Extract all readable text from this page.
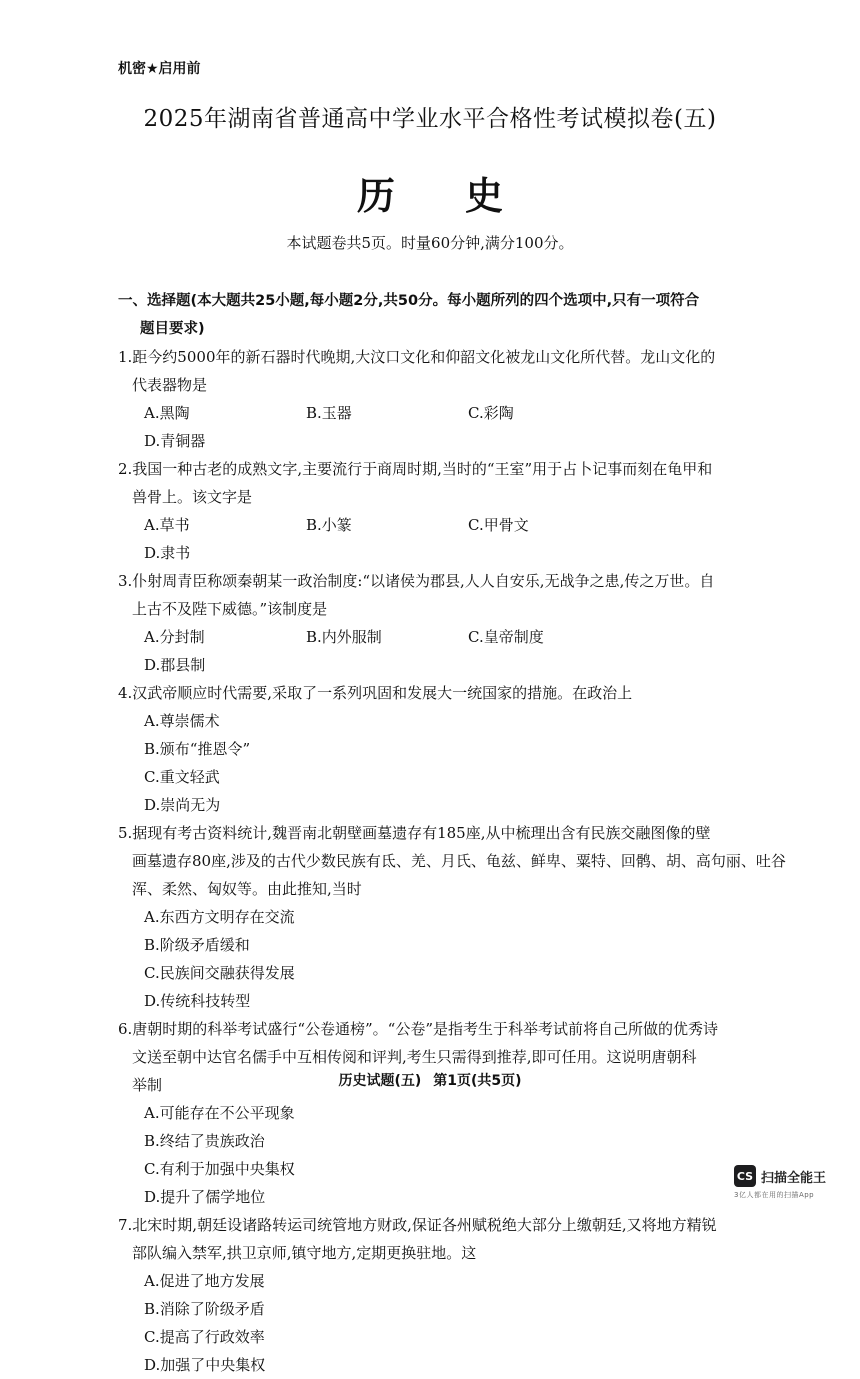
机密★启用前
2025年湖南省普通高中学业水平合格性考试模拟卷(五)
历 史
本试题卷共5页。时量60分钟,满分100分。
一、选择题(本大题共25小题,每小题2分,共50分。每小题所列的四个选项中,只有一项符合
题目要求)
1.距今约5000年的新石器时代晚期,大汶口文化和仰韶文化被龙山文化所代替。龙山文化的
代表器物是
A.黑陶	B.玉器	C.彩陶
D.青铜器
2.我国一种古老的成熟文字,主要流行于商周时期,当时的“王室”用于占卜记事而刻在龟甲和
兽骨上。该文字是
A.草书	B.小篆	C.甲骨文
D.隶书
3.仆射周青臣称颂秦朝某一政治制度:“以诸侯为郡县,人人自安乐,无战争之患,传之万世。自
上古不及陛下威德。”该制度是
A.分封制	B.内外服制	C.皇帝制度
D.郡县制
4.汉武帝顺应时代需要,采取了一系列巩固和发展大一统国家的措施。在政治上
A.尊崇儒术
B.颁布“推恩令”
C.重文轻武
D.崇尚无为
5.据现有考古资料统计,魏晋南北朝壁画墓遗存有185座,从中梳理出含有民族交融图像的壁
画墓遗存80座,涉及的古代少数民族有氐、羌、月氏、龟兹、鲜卑、粟特、回鹘、胡、高句丽、吐谷
浑、柔然、匈奴等。由此推知,当时
A.东西方文明存在交流
B.阶级矛盾缓和
C.民族间交融获得发展
D.传统科技转型
6.唐朝时期的科举考试盛行“公卷通榜”。“公卷”是指考生于科举考试前将自己所做的优秀诗
文送至朝中达官名儒手中互相传阅和评判,考生只需得到推荐,即可任用。这说明唐朝科
举制
A.可能存在不公平现象
B.终结了贵族政治
C.有利于加强中央集权
D.提升了儒学地位
7.北宋时期,朝廷设诸路转运司统管地方财政,保证各州赋税绝大部分上缴朝廷,又将地方精锐
部队编入禁军,拱卫京师,镇守地方,定期更换驻地。这
A.促进了地方发展
B.消除了阶级矛盾
C.提高了行政效率
D.加强了中央集权
历史试题(五) 第1页(共5页)
CS 扫描全能王
3亿人都在用的扫描App
